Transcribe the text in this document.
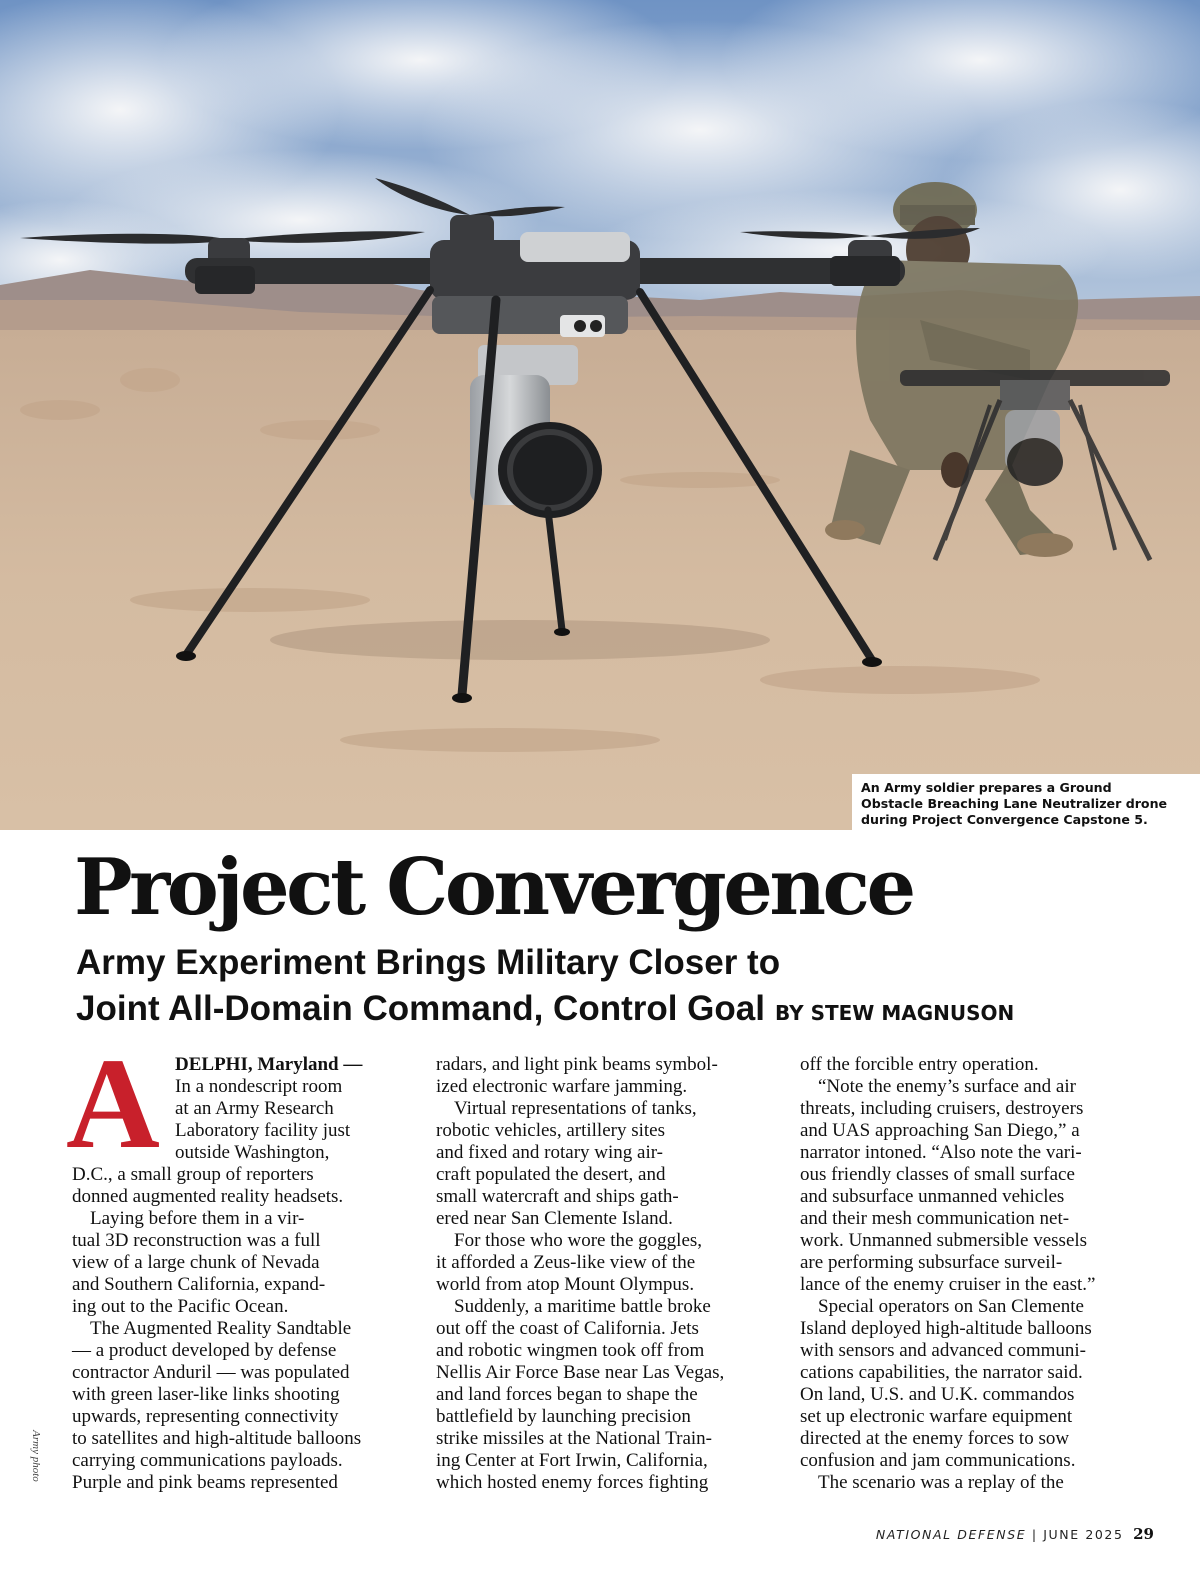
An Army soldier prepares a Ground
Obstacle Breaching Lane Neutralizer drone
during Project Convergence Capstone 5.
Project Convergence
Army Experiment Brings Military Closer to
Joint All-Domain Command, Control Goal BY STEW MAGNUSON
A DELPHI, Maryland —
In a nondescript room
at an Army Research
Laboratory facility just
outside Washington,
D.C., a small group of reporters
donned augmented reality headsets.
Laying before them in a vir-
tual 3D reconstruction was a full
view of a large chunk of Nevada
and Southern California, expand-
ing out to the Pacific Ocean.
The Augmented Reality Sandtable
— a product developed by defense
contractor Anduril — was populated
with green laser-like links shooting
upwards, representing connectivity
to satellites and high-altitude balloons
carrying communications payloads.
Purple and pink beams represented
radars, and light pink beams symbol-
ized electronic warfare jamming.
Virtual representations of tanks,
robotic vehicles, artillery sites
and fixed and rotary wing air-
craft populated the desert, and
small watercraft and ships gath-
ered near San Clemente Island.
For those who wore the goggles,
it afforded a Zeus-like view of the
world from atop Mount Olympus.
Suddenly, a maritime battle broke
out off the coast of California. Jets
and robotic wingmen took off from
Nellis Air Force Base near Las Vegas,
and land forces began to shape the
battlefield by launching precision
strike missiles at the National Train-
ing Center at Fort Irwin, California,
which hosted enemy forces fighting
off the forcible entry operation.
“Note the enemy’s surface and air
threats, including cruisers, destroyers
and UAS approaching San Diego,” a
narrator intoned. “Also note the vari-
ous friendly classes of small surface
and subsurface unmanned vehicles
and their mesh communication net-
work. Unmanned submersible vessels
are performing subsurface surveil-
lance of the enemy cruiser in the east.”
Special operators on San Clemente
Island deployed high-altitude balloons
with sensors and advanced communi-
cations capabilities, the narrator said.
On land, U.S. and U.K. commandos
set up electronic warfare equipment
directed at the enemy forces to sow
confusion and jam communications.
The scenario was a replay of the
Army photo
NATIONAL DEFENSE | JUNE 2025 29
